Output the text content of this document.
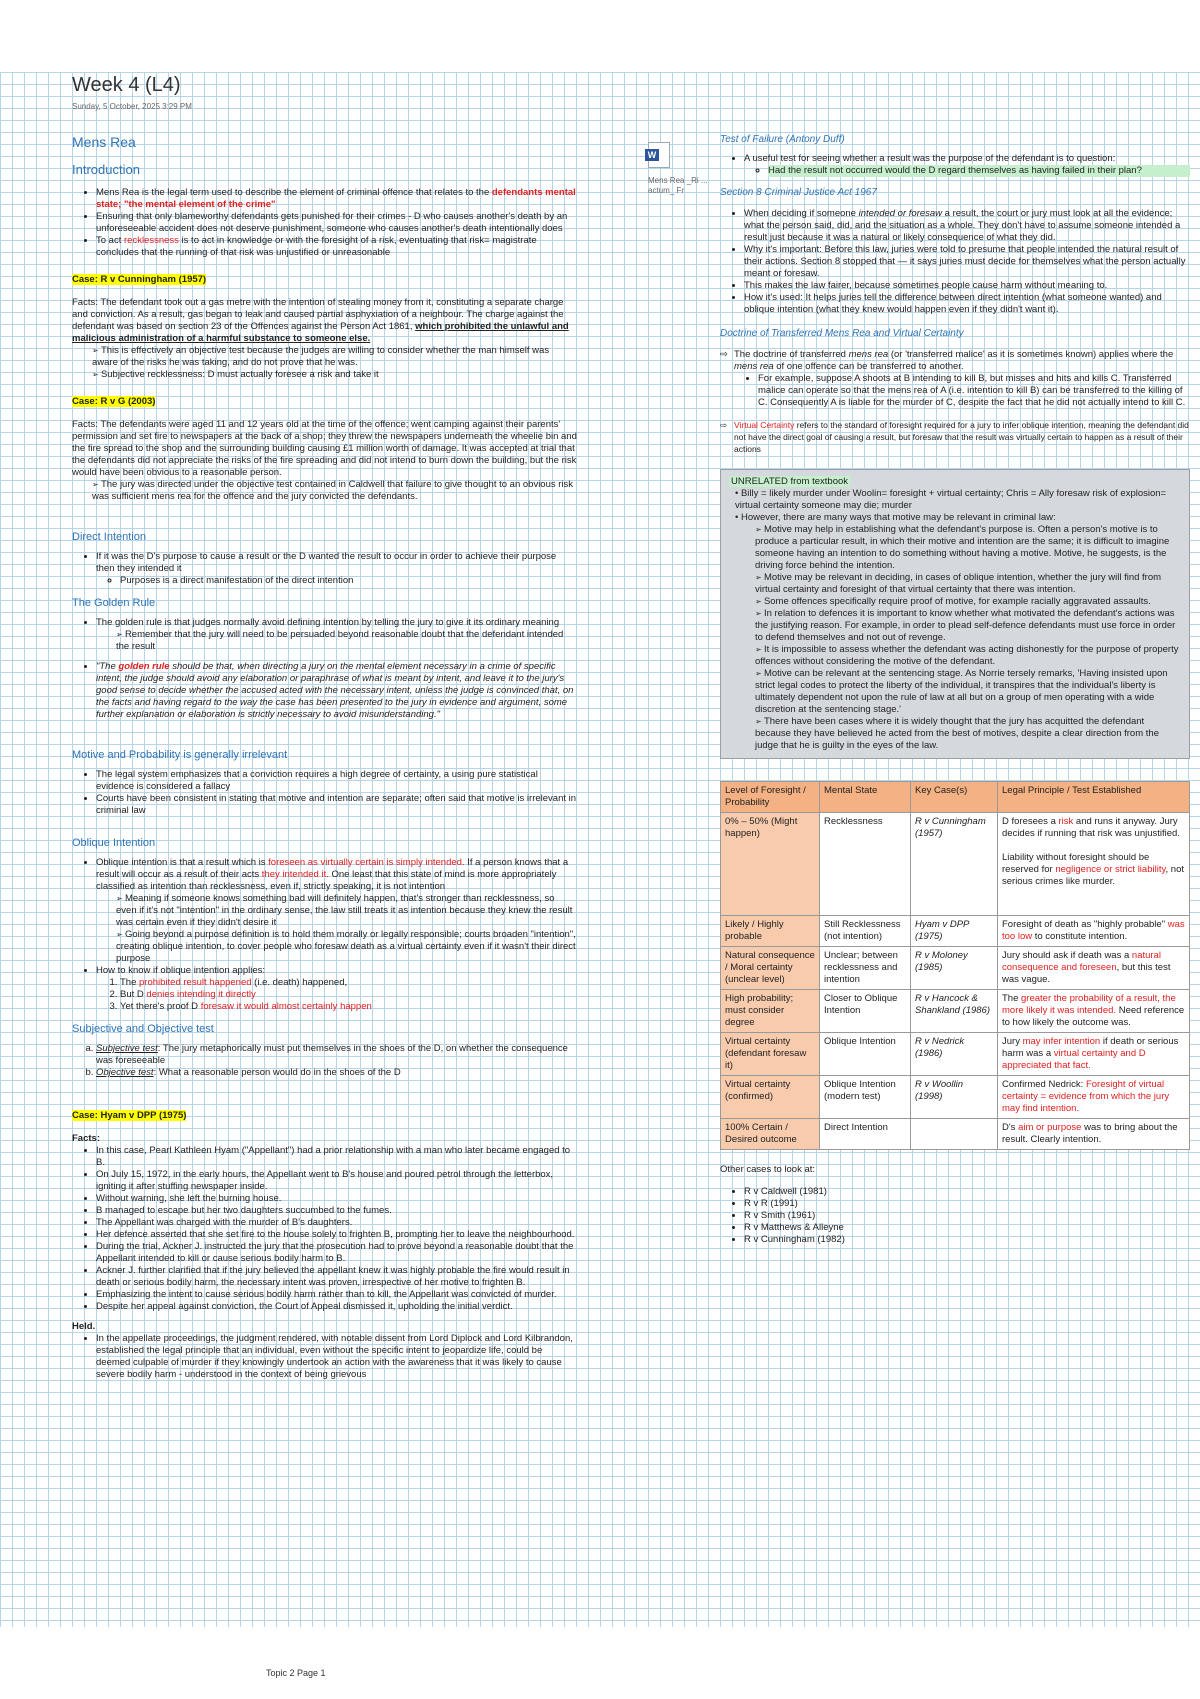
Week 4 (L4)
Sunday, 5 October, 2025 3:29 PM
Mens Rea
Introduction
• Mens Rea is the legal term used to describe the element of criminal offence that relates to the defendants mental state; "the mental element of the crime"
• Ensuring that only blameworthy defendants gets punished for their crimes - D who causes another's death by an unforeseeable accident does not deserve punishment, someone who causes another's death intentionally does
• To act recklessness is to act in knowledge or with the foresight of a risk, eventuating that risk= magistrate concludes that the running of that risk was unjustified or unreasonable
Case: R v Cunningham (1957)
Facts: The defendant took out a gas metre with the intention of stealing money from it, constituting a separate charge and conviction. As a result, gas began to leak and caused partial asphyxiation of a neighbour. The charge against the defendant was based on section 23 of the Offences against the Person Act 1861, which prohibited the unlawful and malicious administration of a harmful substance to someone else.
➢ This is effectively an objective test because the judges are willing to consider whether the man himself was aware of the risks he was taking, and do not prove that he was.
➢ Subjective recklessness: D must actually foresee a risk and take it
Case: R v G (2003)
Facts: The defendants were aged 11 and 12 years old at the time of the offence; went camping against their parents' permission and set fire to newspapers at the back of a shop; they threw the newspapers underneath the wheelie bin and the fire spread to the shop and the surrounding building causing £1 million worth of damage. It was accepted at trial that the defendants did not appreciate the risks of the fire spreading and did not intend to burn down the building, but the risk would have been obvious to a reasonable person.
➢ The jury was directed under the objective test contained in Caldwell that failure to give thought to an obvious risk was sufficient mens rea for the offence and the jury convicted the defendants.
Direct Intention
• If it was the D's purpose to cause a result or the D wanted the result to occur in order to achieve their purpose then they intended it
◦ Purposes is a direct manifestation of the direct intention
The Golden Rule
• The golden rule is that judges normally avoid defining intention by telling the jury to give it its ordinary meaning
➢ Remember that the jury will need to be persuaded beyond reasonable doubt that the defendant intended the result
• "The golden rule should be that, when directing a jury on the mental element necessary in a crime of specific intent, the judge should avoid any elaboration or paraphrase of what is meant by intent, and leave it to the jury's good sense to decide whether the accused acted with the necessary intent, unless the judge is convinced that, on the facts and having regard to the way the case has been presented to the jury in evidence and argument, some further explanation or elaboration is strictly necessary to avoid misunderstanding."
Motive and Probability is generally irrelevant
• The legal system emphasizes that a conviction requires a high degree of certainty, a using pure statistical evidence is considered a fallacy
• Courts have been consistent in stating that motive and intention are separate; often said that motive is irrelevant in criminal law
Oblique Intention
• Oblique intention is that a result which is foreseen as virtually certain is simply intended. If a person knows that a result will occur as a result of their acts they intended it. One least that this state of mind is more appropriately classified as intention than recklessness, even if, strictly speaking, it is not intention
➢ Meaning if someone knows something bad will definitely happen, that's stronger than recklessness, so even if it's not "intention" in the ordinary sense, the law still treats it as intention because they knew the result was certain even if they didn't desire it
➢ Going beyond a purpose definition is to hold them morally or legally responsible; courts broaden "intention", creating oblique intention, to cover people who foresaw death as a virtual certainty even if it wasn't their direct purpose
• How to know if oblique intention applies:
1. The prohibited result happened (i.e. death) happened,
2. But D denies intending it directly
3. Yet there's proof D foresaw it would almost certainly happen
Subjective and Objective test
a. Subjective test: The jury metaphorically must put themselves in the shoes of the D, on whether the consequence was foreseeable
b. Objective test: What a reasonable person would do in the shoes of the D
Case: Hyam v DPP (1975)
Facts:
• In this case, Pearl Kathleen Hyam ("Appellant") had a prior relationship with a man who later became engaged to B.
• On July 15, 1972, in the early hours, the Appellant went to B's house and poured petrol through the letterbox, igniting it after stuffing newspaper inside.
• Without warning, she left the burning house.
• B managed to escape but her two daughters succumbed to the fumes.
• The Appellant was charged with the murder of B's daughters.
• Her defence asserted that she set fire to the house solely to frighten B, prompting her to leave the neighbourhood.
• During the trial, Ackner J. instructed the jury that the prosecution had to prove beyond a reasonable doubt that the Appellant intended to kill or cause serious bodily harm to B.
• Ackner J. further clarified that if the jury believed the appellant knew it was highly probable the fire would result in death or serious bodily harm, the necessary intent was proven, irrespective of her motive to frighten B.
• Emphasizing the intent to cause serious bodily harm rather than to kill, the Appellant was convicted of murder.
• Despite her appeal against conviction, the Court of Appeal dismissed it, upholding the initial verdict.
Held.
• In the appellate proceedings, the judgment rendered, with notable dissent from Lord Diplock and Lord Kilbrandon, established the legal principle that an individual, even without the specific intent to jeopardize life, could be deemed culpable of murder if they knowingly undertook an action with the awareness that it was likely to cause severe bodily harm - understood in the context of being grievous
W
Mens Rea _Ri ... actum_ Fr
Test of Failure (Antony Duff)
• A useful test for seeing whether a result was the purpose of the defendant is to question:
◦ Had the result not occurred would the D regard themselves as having failed in their plan?
Section 8 Criminal Justice Act 1967
• When deciding if someone intended or foresaw a result, the court or jury must look at all the evidence; what the person said, did, and the situation as a whole. They don't have to assume someone intended a result just because it was a natural or likely consequence of what they did.
• Why it's important: Before this law, juries were told to presume that people intended the natural result of their actions. Section 8 stopped that — it says juries must decide for themselves what the person actually meant or foresaw.
• This makes the law fairer, because sometimes people cause harm without meaning to.
• How it's used: It helps juries tell the difference between direct intention (what someone wanted) and oblique intention (what they knew would happen even if they didn't want it).
Doctrine of Transferred Mens Rea and Virtual Certainty
⇨ The doctrine of transferred mens rea (or 'transferred malice' as it is sometimes known) applies where the mens rea of one offence can be transferred to another.
• For example, suppose A shoots at B intending to kill B, but misses and hits and kills C. Transferred malice can operate so that the mens rea of A (i.e. intention to kill B) can be transferred to the killing of C. Consequently A is liable for the murder of C, despite the fact that he did not actually intend to kill C.
⇨ Virtual Certainty refers to the standard of foresight required for a jury to infer oblique intention, meaning the defendant did not have the direct goal of causing a result, but foresaw that the result was virtually certain to happen as a result of their actions
UNRELATED from textbook
• Billy = likely murder under Woolin= foresight + virtual certainty; Chris = Ally foresaw risk of explosion= virtual certainty someone may die; murder
• However, there are many ways that motive may be relevant in criminal law:
➢ Motive may help in establishing what the defendant's purpose is. Often a person's motive is to produce a particular result, in which their motive and intention are the same; it is difficult to imagine someone having an intention to do something without having a motive. Motive, he suggests, is the driving force behind the intention.
➢ Motive may be relevant in deciding, in cases of oblique intention, whether the jury will find from virtual certainty and foresight of that virtual certainty that there was intention.
➢ Some offences specifically require proof of motive, for example racially aggravated assaults.
➢ In relation to defences it is important to know whether what motivated the defendant's actions was the justifying reason. For example, in order to plead self-defence defendants must use force in order to defend themselves and not out of revenge.
➢ It is impossible to assess whether the defendant was acting dishonestly for the purpose of property offences without considering the motive of the defendant.
➢ Motive can be relevant at the sentencing stage. As Norrie tersely remarks, 'Having insisted upon strict legal codes to protect the liberty of the individual, it transpires that the individual's liberty is ultimately dependent not upon the rule of law at all but on a group of men operating with a wide discretion at the sentencing stage.'
➢ There have been cases where it is widely thought that the jury has acquitted the defendant because they have believed he acted from the best of motives, despite a clear direction from the judge that he is guilty in the eyes of the law.
Level of Foresight / Probability	Mental State	Key Case(s)	Legal Principle / Test Established
0% – 50% (Might happen)	Recklessness	R v Cunningham (1957)	D foresees a risk and runs it anyway. Jury decides if running that risk was unjustified.

Liability without foresight should be reserved for negligence or strict liability, not serious crimes like murder.
Likely / Highly probable	Still Recklessness (not intention)	Hyam v DPP (1975)	Foresight of death as "highly probable" was too low to constitute intention.
Natural consequence / Moral certainty (unclear level)	Unclear; between recklessness and intention	R v Moloney (1985)	Jury should ask if death was a natural consequence and foreseen, but this test was vague.
High probability; must consider degree	Closer to Oblique Intention	R v Hancock & Shankland (1986)	The greater the probability of a result, the more likely it was intended. Need reference to how likely the outcome was.
Virtual certainty (defendant foresaw it)	Oblique Intention	R v Nedrick (1986)	Jury may infer intention if death or serious harm was a virtual certainty and D appreciated that fact.
Virtual certainty (confirmed)	Oblique Intention (modern test)	R v Woollin (1998)	Confirmed Nedrick: Foresight of virtual certainty = evidence from which the jury may find intention.
100% Certain / Desired outcome	Direct Intention		D's aim or purpose was to bring about the result. Clearly intention.
Other cases to look at:
• R v Caldwell (1981)
• R v R (1991)
• R v Smith (1961)
• R v Matthews & Alleyne
• R v Cunningham (1982)
Topic 2 Page 1
